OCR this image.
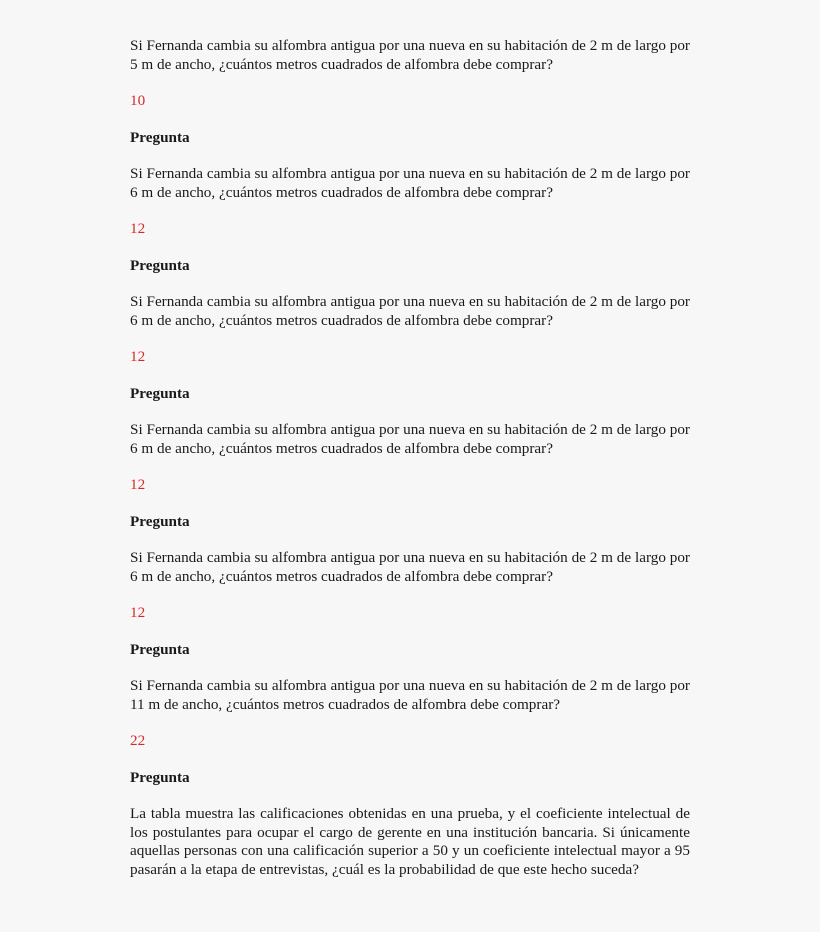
Si Fernanda cambia su alfombra antigua por una nueva en su habitación de 2 m de largo por 5 m de ancho, ¿cuántos metros cuadrados de alfombra debe comprar?

10

Pregunta

Si Fernanda cambia su alfombra antigua por una nueva en su habitación de 2 m de largo por 6 m de ancho, ¿cuántos metros cuadrados de alfombra debe comprar?

12

Pregunta

Si Fernanda cambia su alfombra antigua por una nueva en su habitación de 2 m de largo por 6 m de ancho, ¿cuántos metros cuadrados de alfombra debe comprar?

12

Pregunta

Si Fernanda cambia su alfombra antigua por una nueva en su habitación de 2 m de largo por 6 m de ancho, ¿cuántos metros cuadrados de alfombra debe comprar?

12

Pregunta

Si Fernanda cambia su alfombra antigua por una nueva en su habitación de 2 m de largo por 6 m de ancho, ¿cuántos metros cuadrados de alfombra debe comprar?

12

Pregunta

Si Fernanda cambia su alfombra antigua por una nueva en su habitación de 2 m de largo por 11 m de ancho, ¿cuántos metros cuadrados de alfombra debe comprar?

22

Pregunta

La tabla muestra las calificaciones obtenidas en una prueba, y el coeficiente intelectual de los postulantes para ocupar el cargo de gerente en una institución bancaria. Si únicamente aquellas personas con una calificación superior a 50 y un coeficiente intelectual mayor a 95 pasarán a la etapa de entrevistas, ¿cuál es la probabilidad de que este hecho suceda?
